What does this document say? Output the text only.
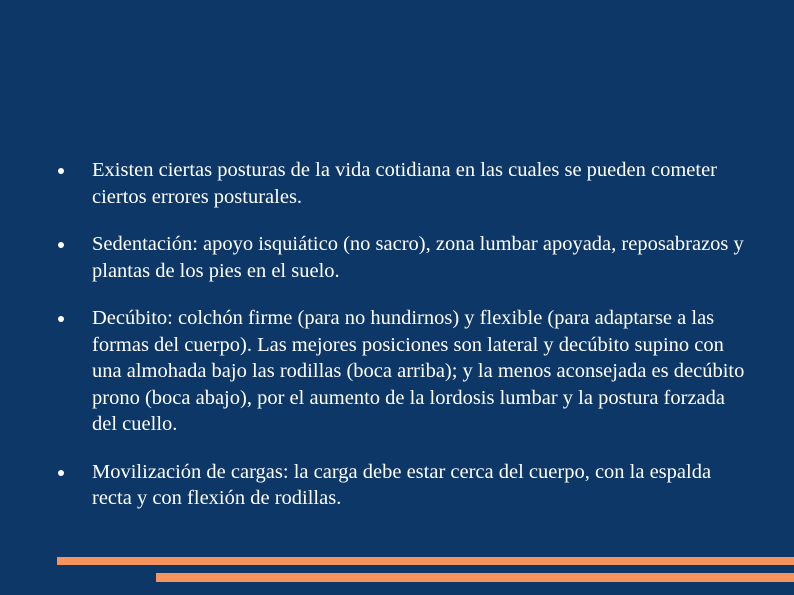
Existen ciertas posturas de la vida cotidiana en las cuales se pueden cometer ciertos errores posturales.
Sedentación: apoyo isquiático (no sacro), zona lumbar apoyada, reposabrazos y plantas de los pies en el suelo.
Decúbito: colchón firme (para no hundirnos) y flexible (para adaptarse a las formas del cuerpo). Las mejores posiciones son lateral y decúbito supino con una almohada bajo las rodillas (boca arriba); y la menos aconsejada es decúbito prono (boca abajo), por el aumento de la lordosis lumbar y la postura forzada del cuello.
Movilización de cargas: la carga debe estar cerca del cuerpo, con la espalda recta y con flexión de rodillas.
